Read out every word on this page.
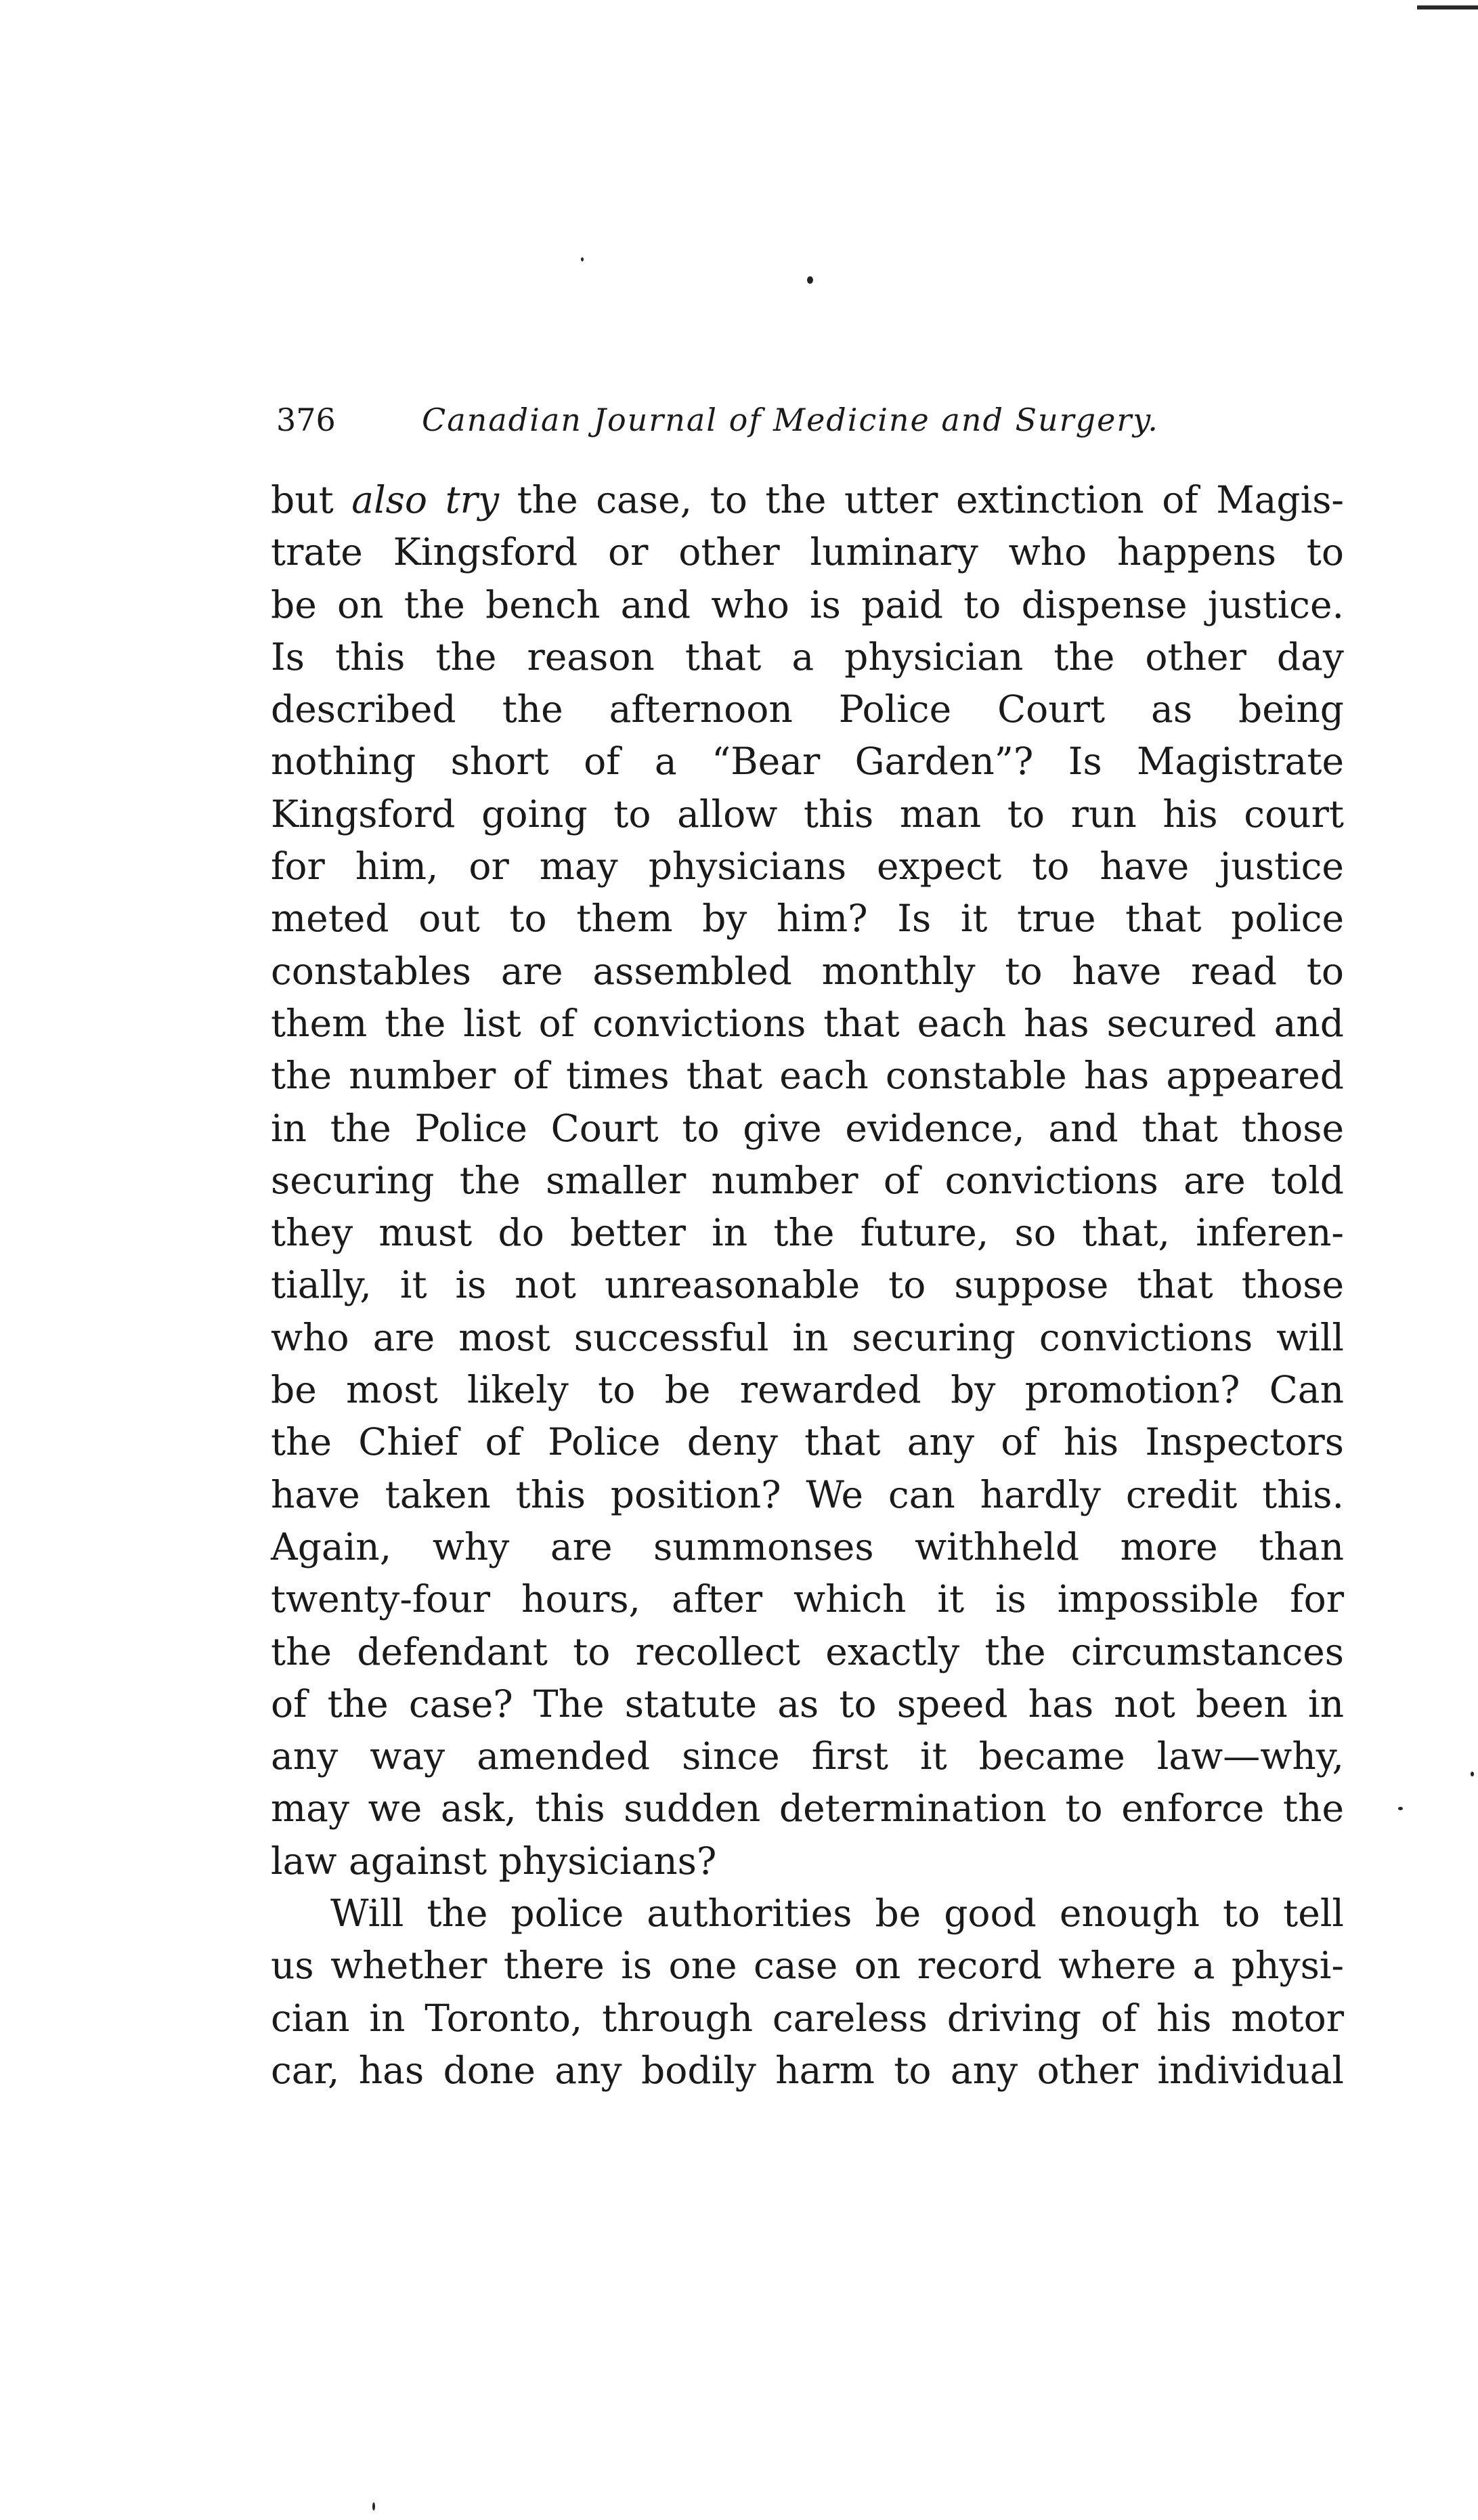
376	Canadian Journal of Medicine and Surgery.
but also try the case, to the utter extinction of Magis-
trate Kingsford or other luminary who happens to
be on the bench and who is paid to dispense justice.
Is this the reason that a physician the other day
described the afternoon Police Court as being
nothing short of a “Bear Garden”? Is Magistrate
Kingsford going to allow this man to run his court
for him, or may physicians expect to have justice
meted out to them by him? Is it true that police
constables are assembled monthly to have read to
them the list of convictions that each has secured and
the number of times that each constable has appeared
in the Police Court to give evidence, and that those
securing the smaller number of convictions are told
they must do better in the future, so that, inferen-
tially, it is not unreasonable to suppose that those
who are most successful in securing convictions will
be most likely to be rewarded by promotion? Can
the Chief of Police deny that any of his Inspectors
have taken this position? We can hardly credit this.
Again, why are summonses withheld more than
twenty-four hours, after which it is impossible for
the defendant to recollect exactly the circumstances
of the case? The statute as to speed has not been in
any way amended since first it became law—why,
may we ask, this sudden determination to enforce the
law against physicians?
Will the police authorities be good enough to tell
us whether there is one case on record where a physi-
cian in Toronto, through careless driving of his motor
car, has done any bodily harm to any other individual
